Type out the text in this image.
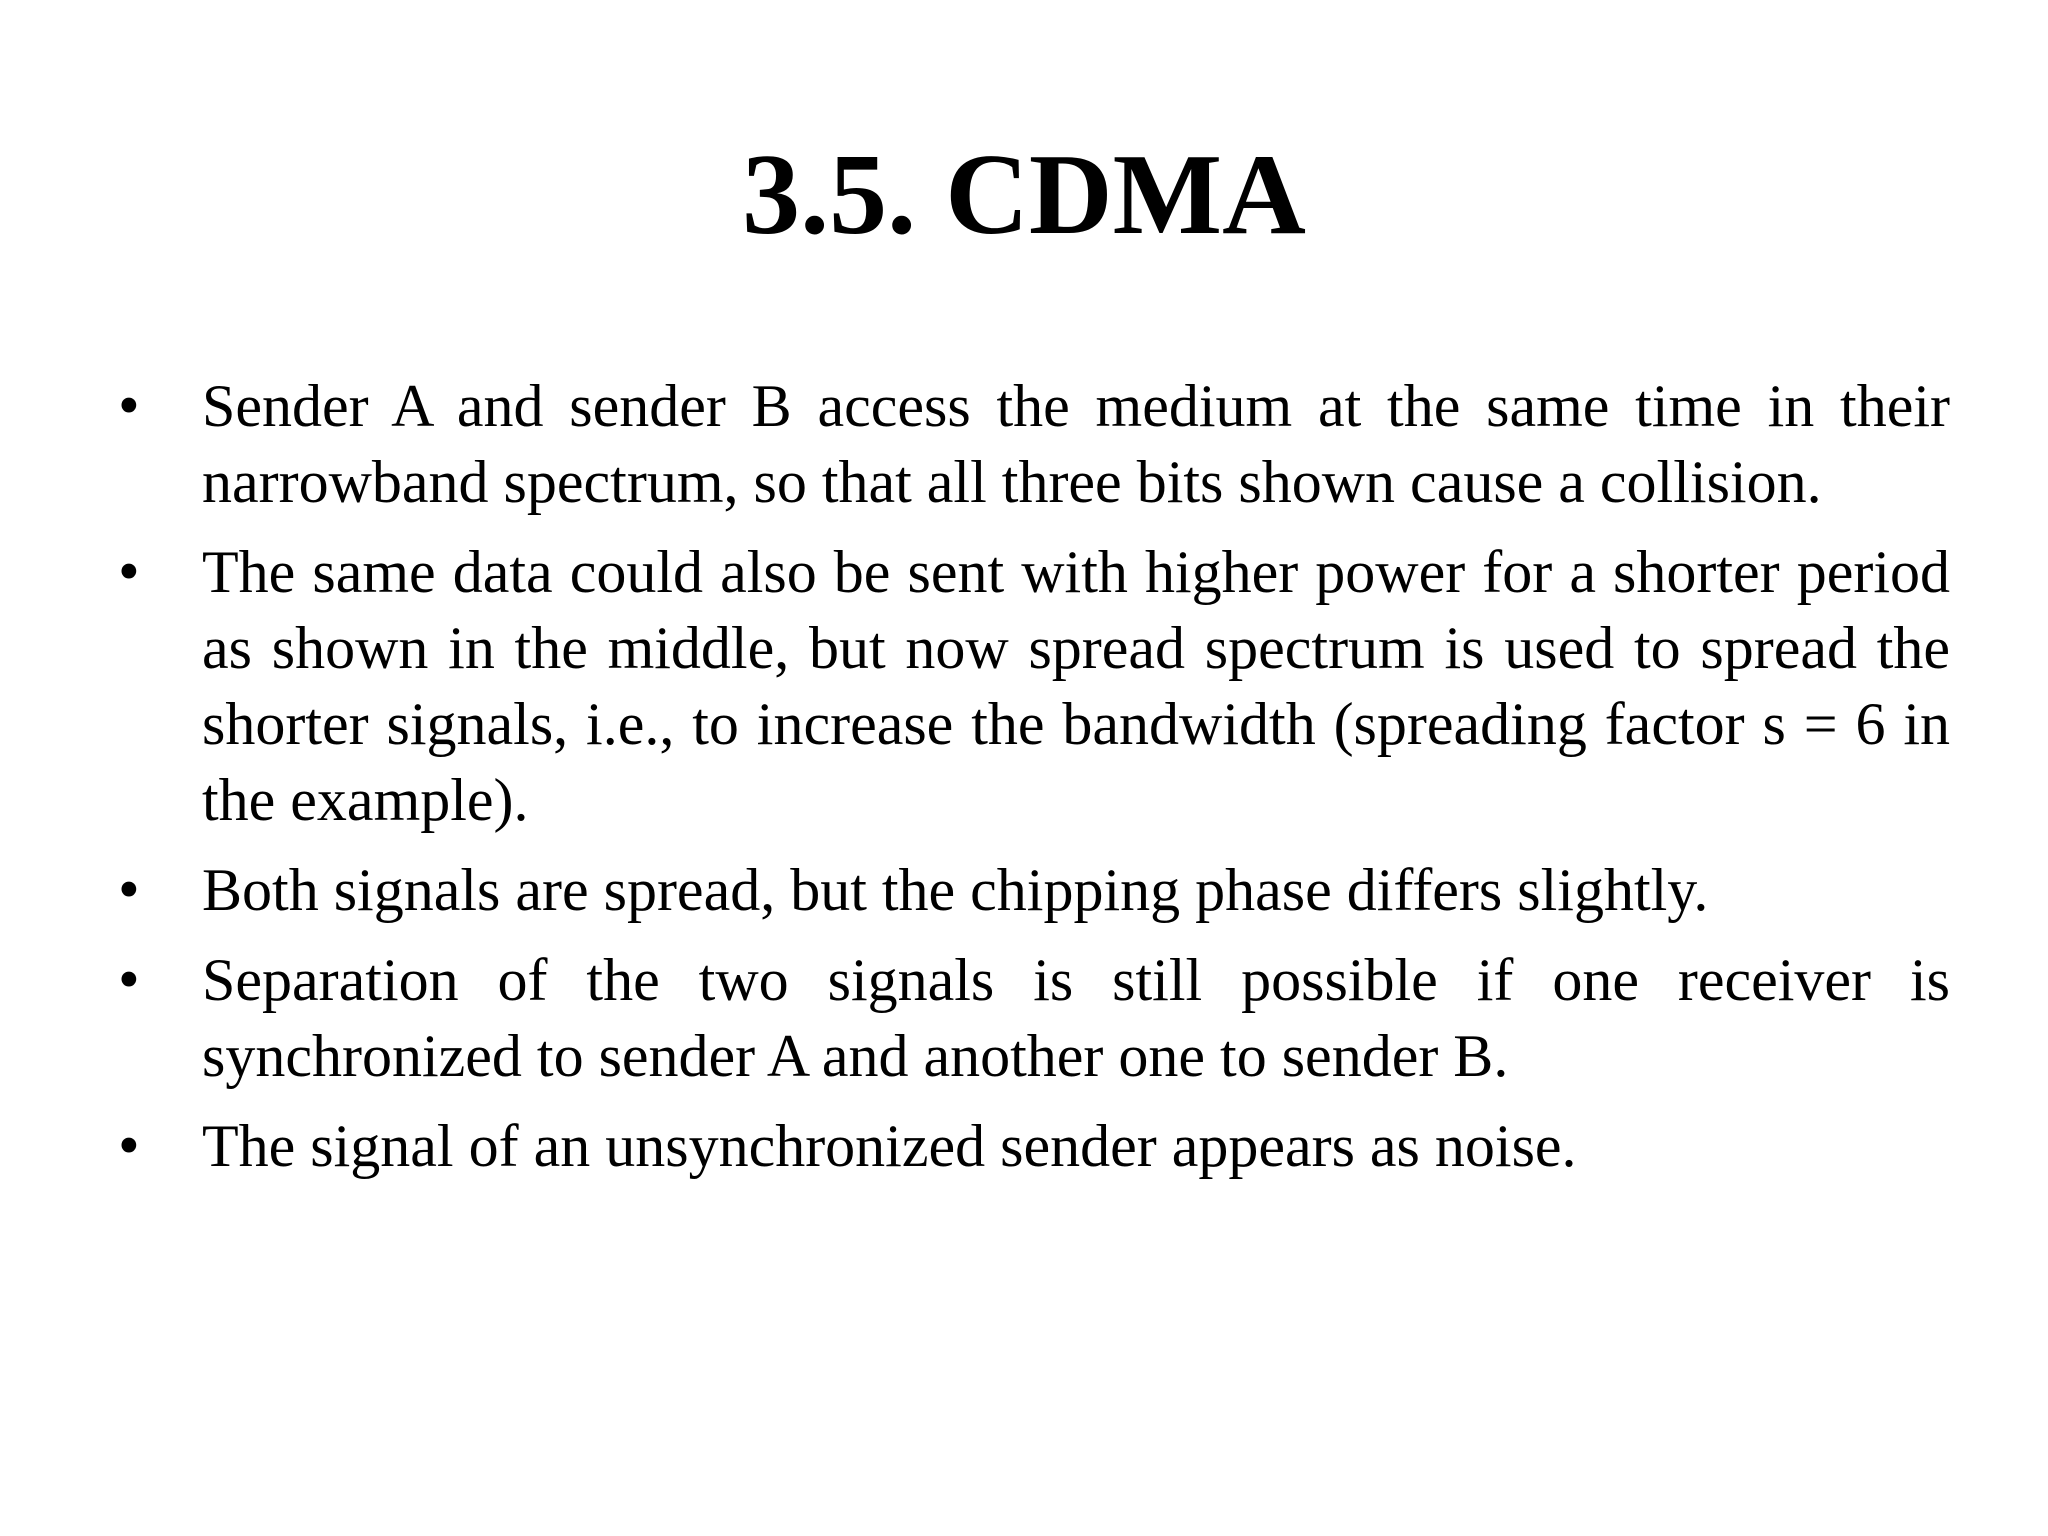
3.5. CDMA
•	Sender A and sender B access the medium at the same time in their narrowband spectrum, so that all three bits shown cause a collision.
•	The same data could also be sent with higher power for a shorter period as shown in the middle, but now spread spectrum is used to spread the shorter signals, i.e., to increase the bandwidth (spreading factor s = 6 in the example).
•	Both signals are spread, but the chipping phase differs slightly.
•	Separation of the two signals is still possible if one receiver is synchronized to sender A and another one to sender B.
•	The signal of an unsynchronized sender appears as noise.
